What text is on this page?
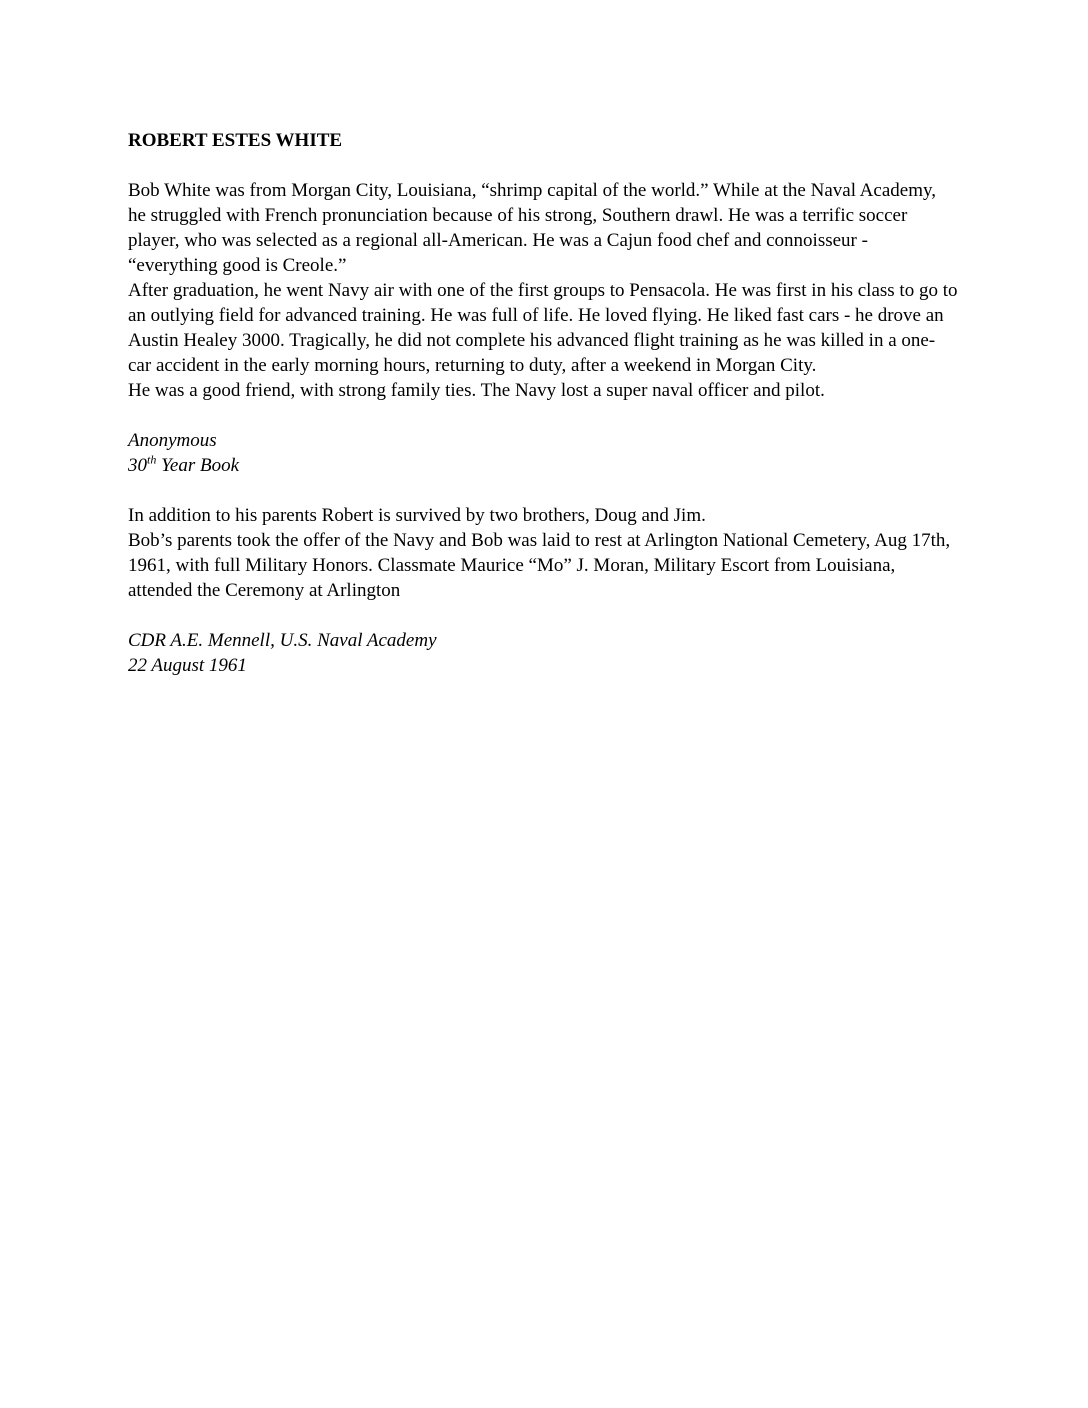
ROBERT ESTES WHITE

Bob White was from Morgan City, Louisiana, “shrimp capital of the world.” While at the Naval Academy, he struggled with French pronunciation because of his strong, Southern drawl. He was a terrific soccer player, who was selected as a regional all-American. He was a Cajun food chef and connoisseur - “everything good is Creole.”

After graduation, he went Navy air with one of the first groups to Pensacola. He was first in his class to go to an outlying field for advanced training. He was full of life. He loved flying. He liked fast cars - he drove an Austin Healey 3000. Tragically, he did not complete his advanced flight training as he was killed in a one-car accident in the early morning hours, returning to duty, after a weekend in Morgan City.

He was a good friend, with strong family ties. The Navy lost a super naval officer and pilot.

Anonymous

30th Year Book

In addition to his parents Robert is survived by two brothers, Doug and Jim.

Bob’s parents took the offer of the Navy and Bob was laid to rest at Arlington National Cemetery, Aug 17th, 1961, with full Military Honors. Classmate Maurice “Mo” J. Moran, Military Escort from Louisiana, attended the Ceremony at Arlington

CDR A.E. Mennell, U.S. Naval Academy

22 August 1961
